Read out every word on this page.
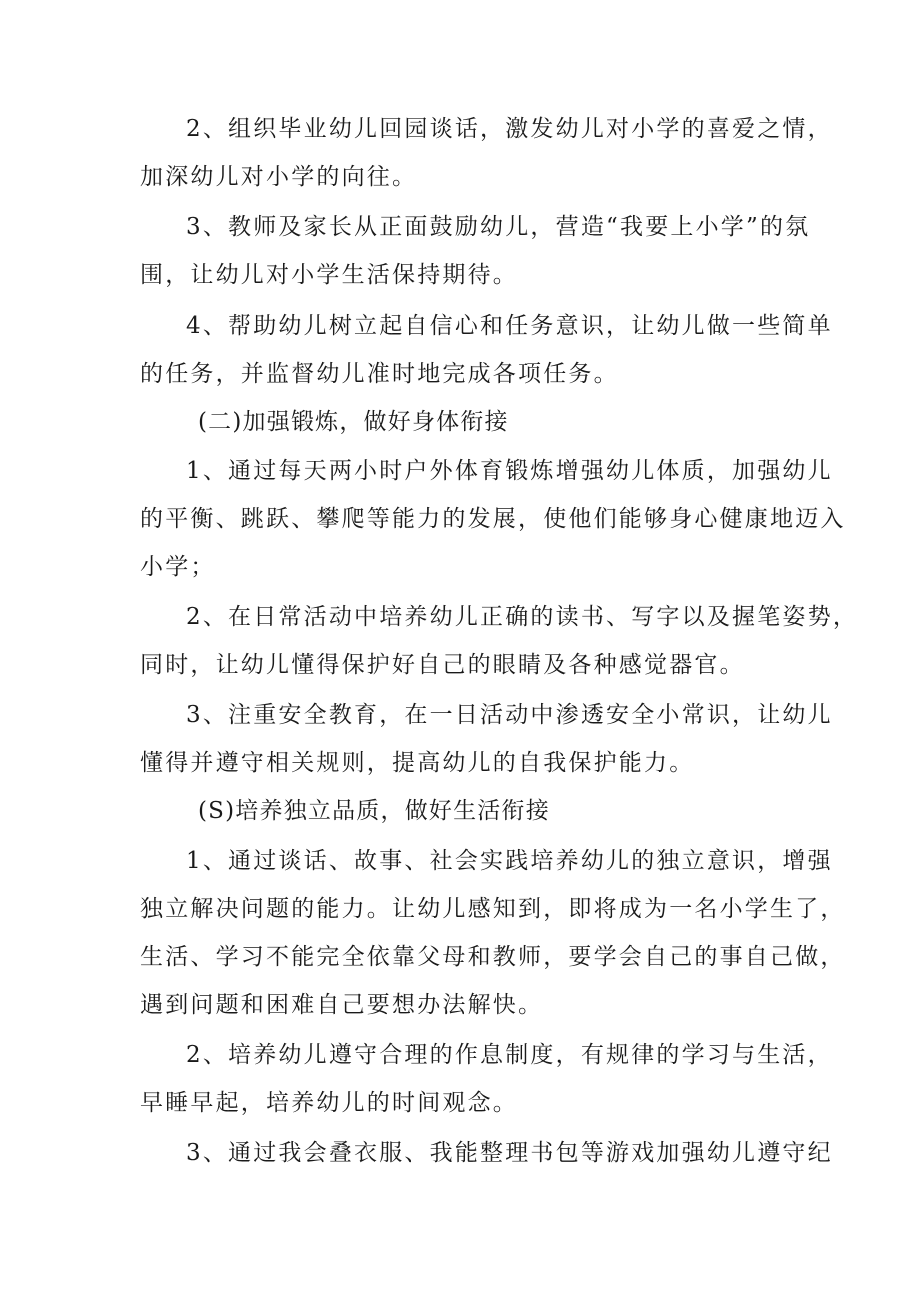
2、组织毕业幼儿回园谈话，激发幼儿对小学的喜爱之情，
加深幼儿对小学的向往。
3、教师及家长从正面鼓励幼儿，营造“我要上小学”的氛
围，让幼儿对小学生活保持期待。
4、帮助幼儿树立起自信心和任务意识，让幼儿做一些简单
的任务，并监督幼儿准时地完成各项任务。
(二)加强锻炼，做好身体衔接
1、通过每天两小时户外体育锻炼增强幼儿体质，加强幼儿
的平衡、跳跃、攀爬等能力的发展，使他们能够身心健康地迈入
小学；
2、在日常活动中培养幼儿正确的读书、写字以及握笔姿势，
同时，让幼儿懂得保护好自己的眼睛及各种感觉器官。
3、注重安全教育，在一日活动中渗透安全小常识，让幼儿
懂得并遵守相关规则，提高幼儿的自我保护能力。
(S)培养独立品质，做好生活衔接
1、通过谈话、故事、社会实践培养幼儿的独立意识，增强
独立解决问题的能力。让幼儿感知到，即将成为一名小学生了，
生活、学习不能完全依靠父母和教师，要学会自己的事自己做，
遇到问题和困难自己要想办法解快。
2、培养幼儿遵守合理的作息制度，有规律的学习与生活，
早睡早起，培养幼儿的时间观念。
3、通过我会叠衣服、我能整理书包等游戏加强幼儿遵守纪
